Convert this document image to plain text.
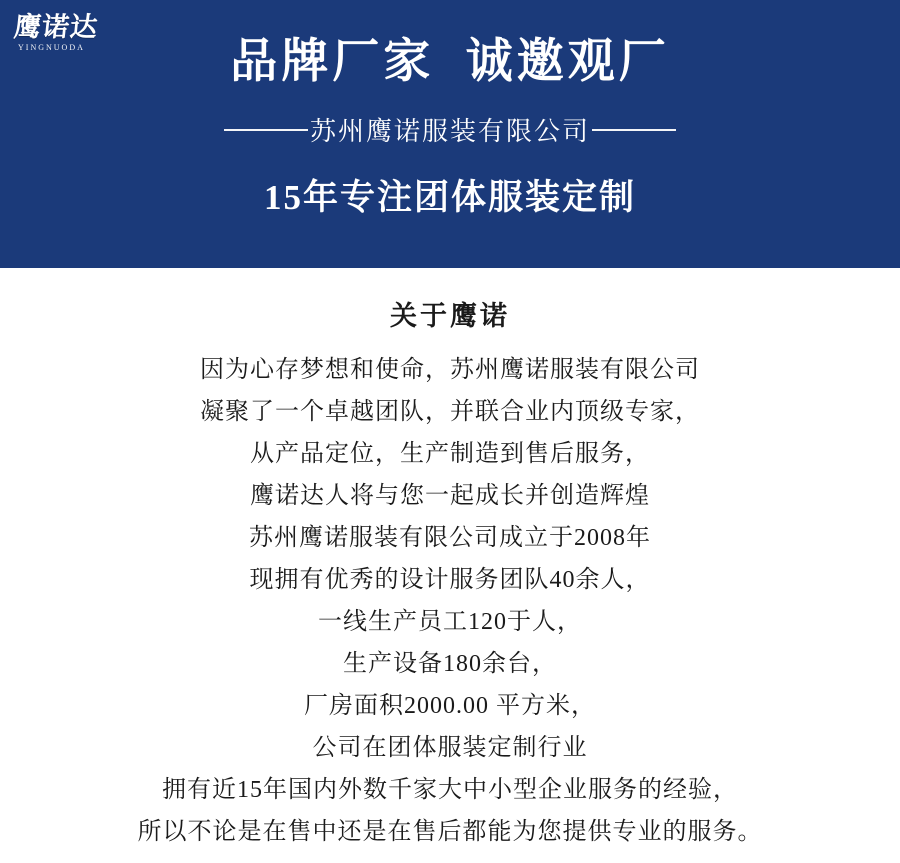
鹰诺达
YINGNUODA	品牌厂家  诚邀观厂
苏州鹰诺服装有限公司
15年专注团体服装定制
关于鹰诺
因为心存梦想和使命，苏州鹰诺服装有限公司
凝聚了一个卓越团队，并联合业内顶级专家，
从产品定位，生产制造到售后服务，
鹰诺达人将与您一起成长并创造辉煌
苏州鹰诺服装有限公司成立于2008年
现拥有优秀的设计服务团队40余人，
一线生产员工120于人，
生产设备180余台，
厂房面积2000.00 平方米，
公司在团体服装定制行业
拥有近15年国内外数千家大中小型企业服务的经验，
所以不论是在售中还是在售后都能为您提供专业的服务。
